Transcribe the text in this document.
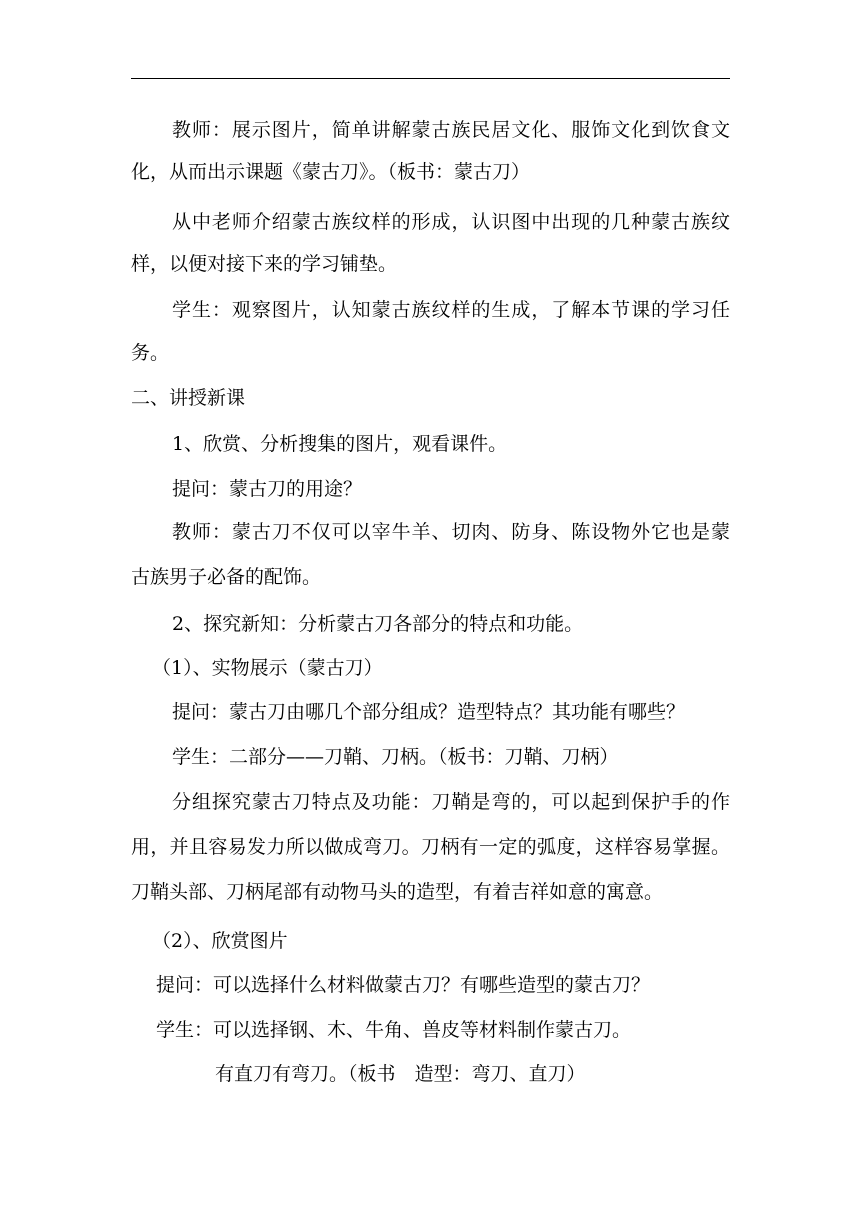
教师：展示图片，简单讲解蒙古族民居文化、服饰文化到饮食文
化，从而出示课题《蒙古刀》。（板书：蒙古刀）
从中老师介绍蒙古族纹样的形成，认识图中出现的几种蒙古族纹
样，以便对接下来的学习铺垫。
学生：观察图片，认知蒙古族纹样的生成，了解本节课的学习任
务。
二、讲授新课
1、欣赏、分析搜集的图片，观看课件。
提问：蒙古刀的用途？
教师：蒙古刀不仅可以宰牛羊、切肉、防身、陈设物外它也是蒙
古族男子必备的配饰。
2、探究新知：分析蒙古刀各部分的特点和功能。
（1）、实物展示（蒙古刀）
提问：蒙古刀由哪几个部分组成？造型特点？其功能有哪些？
学生：二部分——刀鞘、刀柄。（板书：刀鞘、刀柄）
分组探究蒙古刀特点及功能：刀鞘是弯的，可以起到保护手的作
用，并且容易发力所以做成弯刀。刀柄有一定的弧度，这样容易掌握。
刀鞘头部、刀柄尾部有动物马头的造型，有着吉祥如意的寓意。
（2）、欣赏图片
提问：可以选择什么材料做蒙古刀？有哪些造型的蒙古刀？
学生：可以选择钢、木、牛角、兽皮等材料制作蒙古刀。
有直刀有弯刀。（板书　造型：弯刀、直刀）
